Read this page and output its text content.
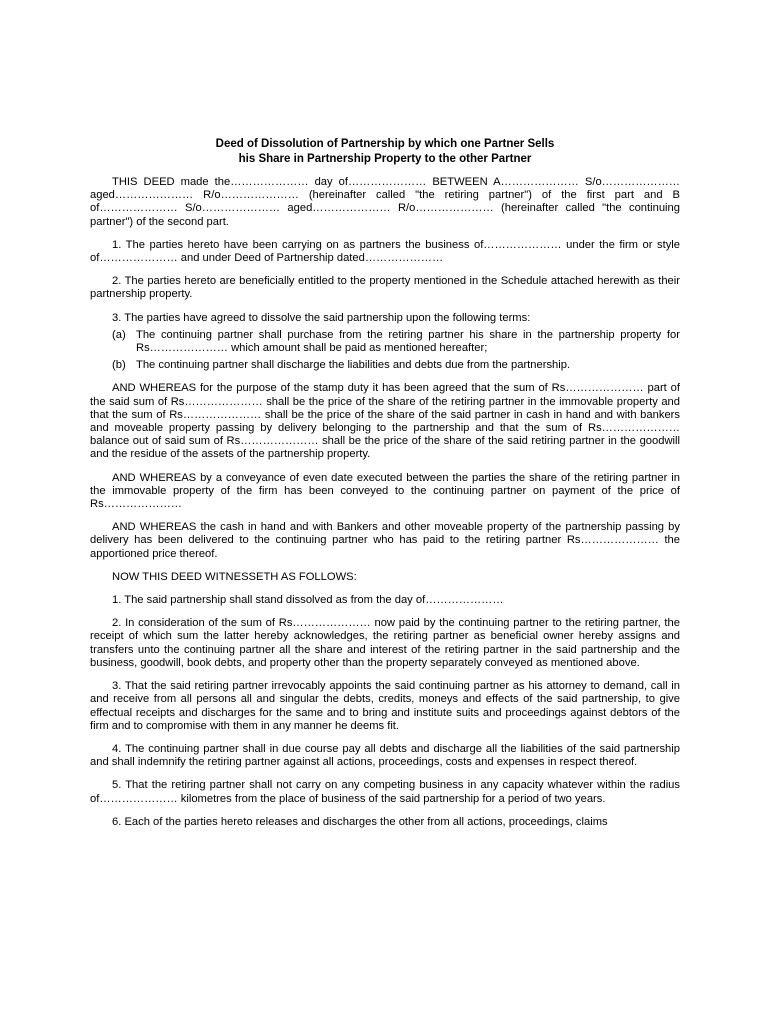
Deed of Dissolution of Partnership by which one Partner Sells
his Share in Partnership Property to the other Partner

THIS DEED made the………………… day of………………… BETWEEN A………………… S/o………………… aged………………… R/o………………… (hereinafter called "the retiring partner") of the first part and B of………………… S/o………………… aged………………… R/o………………… (hereinafter called "the continuing partner") of the second part.

1. The parties hereto have been carrying on as partners the business of………………… under the firm or style of………………… and under Deed of Partnership dated…………………

2. The parties hereto are beneficially entitled to the property mentioned in the Schedule attached herewith as their partnership property.

3. The parties have agreed to dissolve the said partnership upon the following terms:

(a) The continuing partner shall purchase from the retiring partner his share in the partnership property for Rs………………… which amount shall be paid as mentioned hereafter;
(b) The continuing partner shall discharge the liabilities and debts due from the partnership.

AND WHEREAS for the purpose of the stamp duty it has been agreed that the sum of Rs………………… part of the said sum of Rs………………… shall be the price of the share of the retiring partner in the immovable property and that the sum of Rs………………… shall be the price of the share of the said partner in cash in hand and with bankers and moveable property passing by delivery belonging to the partnership and that the sum of Rs………………… balance out of said sum of Rs………………… shall be the price of the share of the said retiring partner in the goodwill and the residue of the assets of the partnership property.

AND WHEREAS by a conveyance of even date executed between the parties the share of the retiring partner in the immovable property of the firm has been conveyed to the continuing partner on payment of the price of Rs…………………

AND WHEREAS the cash in hand and with Bankers and other moveable property of the partnership passing by delivery has been delivered to the continuing partner who has paid to the retiring partner Rs………………… the apportioned price thereof.

NOW THIS DEED WITNESSETH AS FOLLOWS:

1. The said partnership shall stand dissolved as from the day of…………………

2. In consideration of the sum of Rs………………… now paid by the continuing partner to the retiring partner, the receipt of which sum the latter hereby acknowledges, the retiring partner as beneficial owner hereby assigns and transfers unto the continuing partner all the share and interest of the retiring partner in the said partnership and the business, goodwill, book debts, and property other than the property separately conveyed as mentioned above.

3. That the said retiring partner irrevocably appoints the said continuing partner as his attorney to demand, call in and receive from all persons all and singular the debts, credits, moneys and effects of the said partnership, to give effectual receipts and discharges for the same and to bring and institute suits and proceedings against debtors of the firm and to compromise with them in any manner he deems fit.

4. The continuing partner shall in due course pay all debts and discharge all the liabilities of the said partnership and shall indemnify the retiring partner against all actions, proceedings, costs and expenses in respect thereof.

5. That the retiring partner shall not carry on any competing business in any capacity whatever within the radius of………………… kilometres from the place of business of the said partnership for a period of two years.

6. Each of the parties hereto releases and discharges the other from all actions, proceedings, claims
